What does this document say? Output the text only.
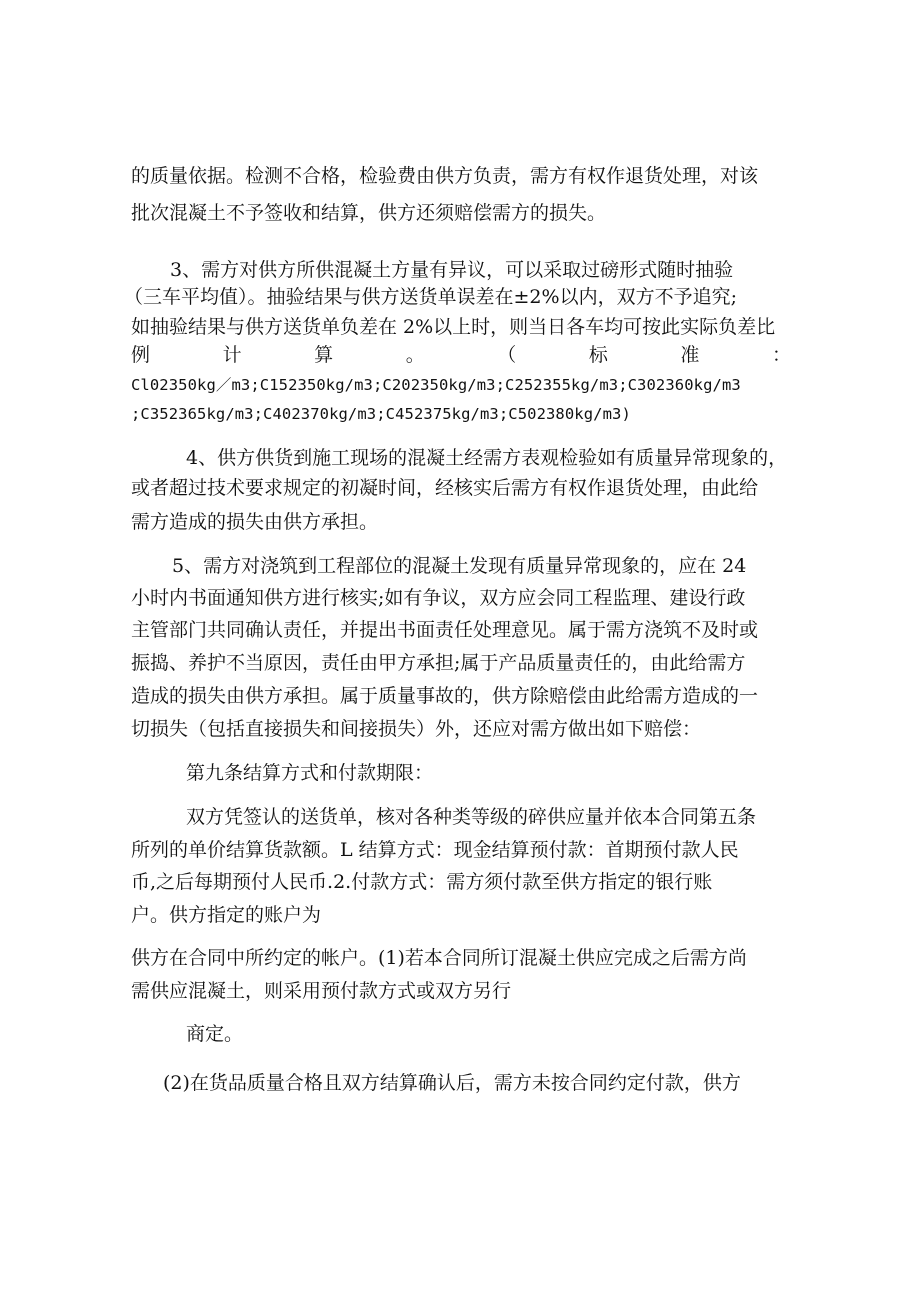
的质量依据。检测不合格，检验费由供方负责，需方有权作退货处理，对该

批次混凝土不予签收和结算，供方还须赔偿需方的损失。

3、需方对供方所供混凝土方量有异议，可以采取过磅形式随时抽验

（三车平均值）。抽验结果与供方送货单误差在±2%以内，双方不予追究;

如抽验结果与供方送货单负差在 2%以上时，则当日各车均可按此实际负差比

例	计	算	。	（	标	准	：

Cl02350kg／m3;C152350kg/m3;C202350kg/m3;C252355kg/m3;C302360kg/m3

;C352365kg/m3;C402370kg/m3;C452375kg/m3;C502380kg/m3)

4、供方供货到施工现场的混凝土经需方表观检验如有质量异常现象的，

或者超过技术要求规定的初凝时间，经核实后需方有权作退货处理，由此给

需方造成的损失由供方承担。

5、需方对浇筑到工程部位的混凝土发现有质量异常现象的，应在 24

小时内书面通知供方进行核实;如有争议，双方应会同工程监理、建设行政

主管部门共同确认责任，并提出书面责任处理意见。属于需方浇筑不及时或

振捣、养护不当原因，责任由甲方承担;属于产品质量责任的，由此给需方

造成的损失由供方承担。属于质量事故的，供方除赔偿由此给需方造成的一

切损失（包括直接损失和间接损失）外，还应对需方做出如下赔偿：

第九条结算方式和付款期限：

双方凭签认的送货单，核对各种类等级的碎供应量并依本合同第五条

所列的单价结算货款额。L 结算方式：现金结算预付款：首期预付款人民

币,之后每期预付人民币.2.付款方式：需方须付款至供方指定的银行账

户。供方指定的账户为

供方在合同中所约定的帐户。(1)若本合同所订混凝土供应完成之后需方尚

需供应混凝土，则采用预付款方式或双方另行

商定。

(2)在货品质量合格且双方结算确认后，需方未按合同约定付款，供方
